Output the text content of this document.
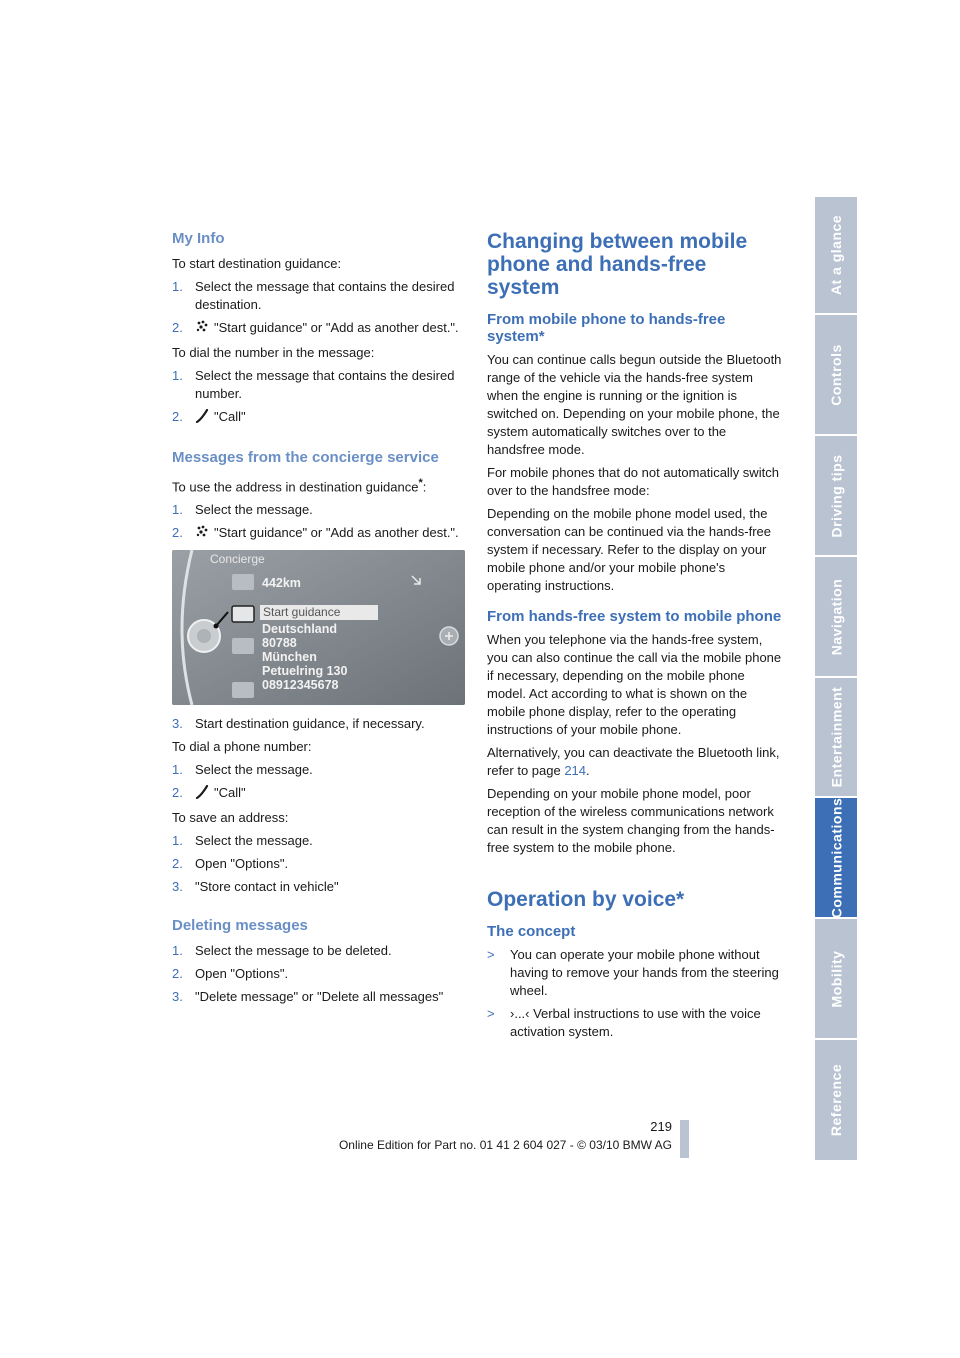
My Info

To start destination guidance:

1. Select the message that contains the desired destination.
2.	"Start guidance" or "Add as another dest.".

To dial the number in the message:

1. Select the message that contains the desired number.
2.	"Call"
Messages from the concierge service

To use the address in destination guidance*:

1. Select the message.
2.	"Start guidance" or "Add as another dest.".
Concierge
442km
Start guidance
Deutschland
80788
München
Petuelring 130
08912345678
3. Start destination guidance, if necessary.

To dial a phone number:

1. Select the message.
2.	"Call"

To save an address:

1. Select the message.
2. Open "Options".
3. "Store contact in vehicle"
Deleting messages
1. Select the message to be deleted.
2. Open "Options".
3. "Delete message" or "Delete all messages"
Changing between mobile phone and hands-free system
From mobile phone to hands-free system*

You can continue calls begun outside the Bluetooth range of the vehicle via the hands-free system when the engine is running or the ignition is switched on. Depending on your mobile phone, the system automatically switches over to the handsfree mode.

For mobile phones that do not automatically switch over to the handsfree mode:

Depending on the mobile phone model used, the conversation can be continued via the hands-free system if necessary. Refer to the display on your mobile phone and/or your mobile phone's operating instructions.

From hands-free system to mobile phone

When you telephone via the hands-free system, you can also continue the call via the mobile phone if necessary, depending on the mobile phone model. Act according to what is shown on the mobile phone display, refer to the operating instructions of your mobile phone.

Alternatively, you can deactivate the Bluetooth link, refer to page 214.

Depending on your mobile phone model, poor reception of the wireless communications network can result in the system changing from the hands-free system to the mobile phone.

Operation by voice*
The concept
>	You can operate your mobile phone without having to remove your hands from the steering wheel.
>	›...‹ Verbal instructions to use with the voice activation system.
At a glance
Controls
Driving tips
Navigation
Entertainment
Communications
Mobility
Reference
219
Online Edition for Part no. 01 41 2 604 027 - © 03/10 BMW AG
